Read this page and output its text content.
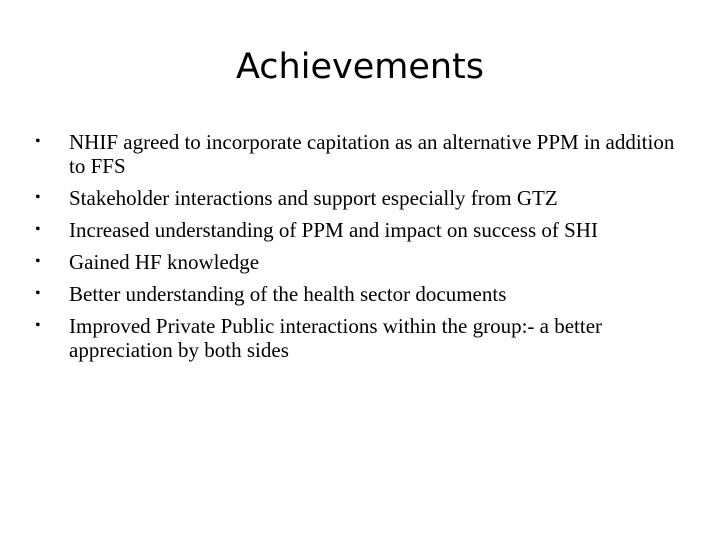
Achievements
• NHIF agreed to incorporate capitation as an alternative PPM in addition to FFS
• Stakeholder interactions and support especially from GTZ
• Increased understanding of PPM and impact on success of SHI
• Gained HF knowledge
• Better understanding of the health sector documents
• Improved Private Public interactions within the group:- a better appreciation by both sides
